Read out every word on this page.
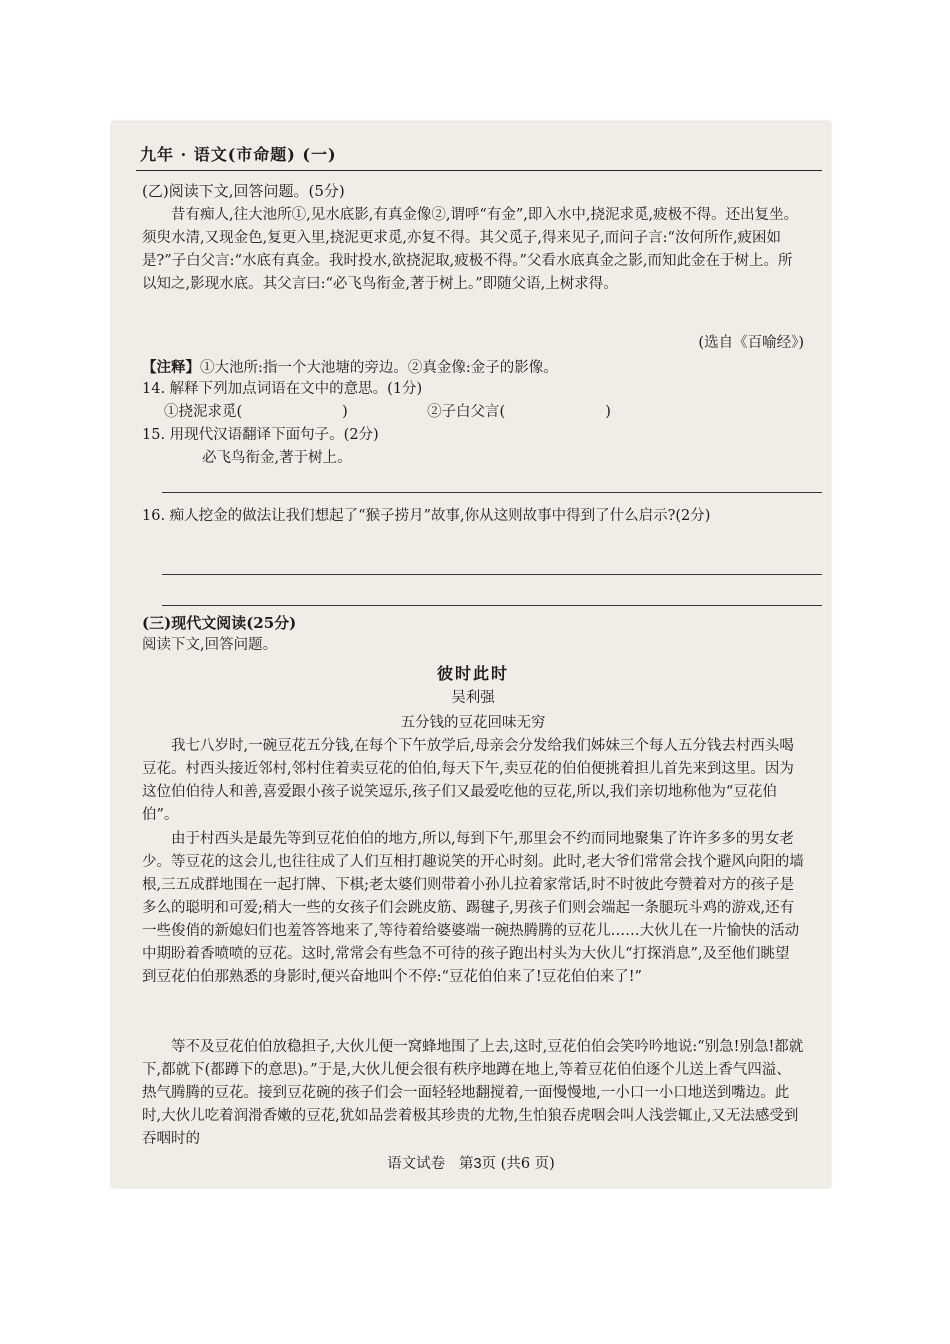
九年 · 语文(市命题) (一)
(乙)阅读下文,回答问题。(5分)
昔有痴人,往大池所①,见水底影,有真金像②,谓呼“有金”,即入水中,挠泥求觅,疲极不得。还出复坐。须臾水清,又现金色,复更入里,挠泥更求觅,亦复不得。其父觅子,得来见子,而问子言:“汝何所作,疲困如是?”子白父言:“水底有真金。我时投水,欲挠泥取,疲极不得。”父看水底真金之影,而知此金在于树上。所以知之,影现水底。其父言曰:“必飞鸟衔金,著于树上。”即随父语,上树求得。
(选自《百喻经》)
【注释】①大池所:指一个大池塘的旁边。②真金像:金子的影像。
14. 解释下列加点词语在文中的意思。(1分)
①挠泥求觅(	)	②子白父言(	)
15. 用现代汉语翻译下面句子。(2分)
必飞鸟衔金,著于树上。
16. 痴人挖金的做法让我们想起了“猴子捞月”故事,你从这则故事中得到了什么启示?(2分)
(三)现代文阅读(25分)
阅读下文,回答问题。
彼时此时
吴利强
五分钱的豆花回味无穷
我七八岁时,一碗豆花五分钱,在每个下午放学后,母亲会分发给我们姊妹三个每人五分钱去村西头喝豆花。村西头接近邻村,邻村住着卖豆花的伯伯,每天下午,卖豆花的伯伯便挑着担儿首先来到这里。因为这位伯伯待人和善,喜爱跟小孩子说笑逗乐,孩子们又最爱吃他的豆花,所以,我们亲切地称他为“豆花伯伯”。
由于村西头是最先等到豆花伯伯的地方,所以,每到下午,那里会不约而同地聚集了许许多多的男女老少。等豆花的这会儿,也往往成了人们互相打趣说笑的开心时刻。此时,老大爷们常常会找个避风向阳的墙根,三五成群地围在一起打牌、下棋;老太婆们则带着小孙儿拉着家常话,时不时彼此夸赞着对方的孩子是多么的聪明和可爱;稍大一些的女孩子们会跳皮筋、踢毽子,男孩子们则会端起一条腿玩斗鸡的游戏,还有一些俊俏的新媳妇们也羞答答地来了,等待着给婆婆端一碗热腾腾的豆花儿……大伙儿在一片愉快的活动中期盼着香喷喷的豆花。这时,常常会有些急不可待的孩子跑出村头为大伙儿“打探消息”,及至他们眺望到豆花伯伯那熟悉的身影时,便兴奋地叫个不停:“豆花伯伯来了!豆花伯伯来了!”
等不及豆花伯伯放稳担子,大伙儿便一窝蜂地围了上去,这时,豆花伯伯会笑吟吟地说:“别急!别急!都就下,都就下(都蹲下的意思)。”于是,大伙儿便会很有秩序地蹲在地上,等着豆花伯伯逐个儿送上香气四溢、热气腾腾的豆花。接到豆花碗的孩子们会一面轻轻地翻搅着,一面慢慢地,一小口一小口地送到嘴边。此时,大伙儿吃着润滑香嫩的豆花,犹如品尝着极其珍贵的尤物,生怕狼吞虎咽会叫人浅尝辄止,又无法感受到吞咽时的
语文试卷 第3页 (共6 页)
